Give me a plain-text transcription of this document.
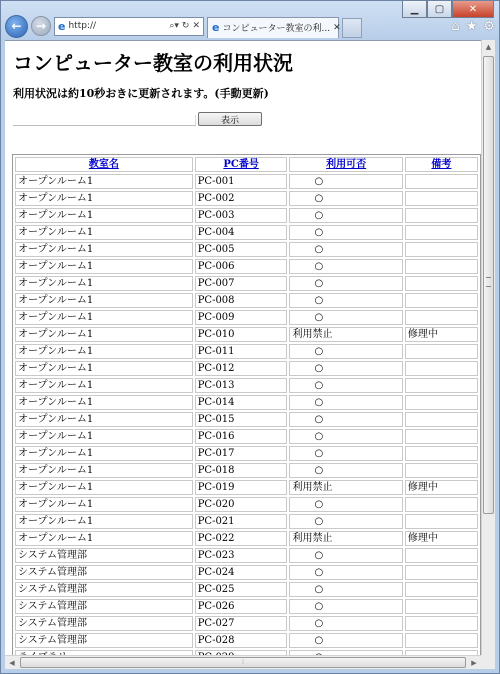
▁	▢	✕
←	→	e http://	⌕▾ ↻ ✕ e コンピューター教室の利... ✕	⌂ ★ ⚙
コンピューター教室の利用状況

利用状況は約10秒おきに更新されます。(手動更新)

表示
教室名	PC番号	利用可否	備考
オープンルーム1	PC-001	○	
オープンルーム1	PC-002	○	
オープンルーム1	PC-003	○	
オープンルーム1	PC-004	○	
オープンルーム1	PC-005	○	
オープンルーム1	PC-006	○	
オープンルーム1	PC-007	○	
オープンルーム1	PC-008	○	
オープンルーム1	PC-009	○	
オープンルーム1	PC-010	利用禁止	修理中
オープンルーム1	PC-011	○	
オープンルーム1	PC-012	○	
オープンルーム1	PC-013	○	
オープンルーム1	PC-014	○	
オープンルーム1	PC-015	○	
オープンルーム1	PC-016	○	
オープンルーム1	PC-017	○	
オープンルーム1	PC-018	○	
オープンルーム1	PC-019	利用禁止	修理中
オープンルーム1	PC-020	○	
オープンルーム1	PC-021	○	
オープンルーム1	PC-022	利用禁止	修理中
システム管理部	PC-023	○	
システム管理部	PC-024	○	
システム管理部	PC-025	○	
システム管理部	PC-026	○	
システム管理部	PC-027	○	
システム管理部	PC-028	○	

▲
◀	⦙	▶
